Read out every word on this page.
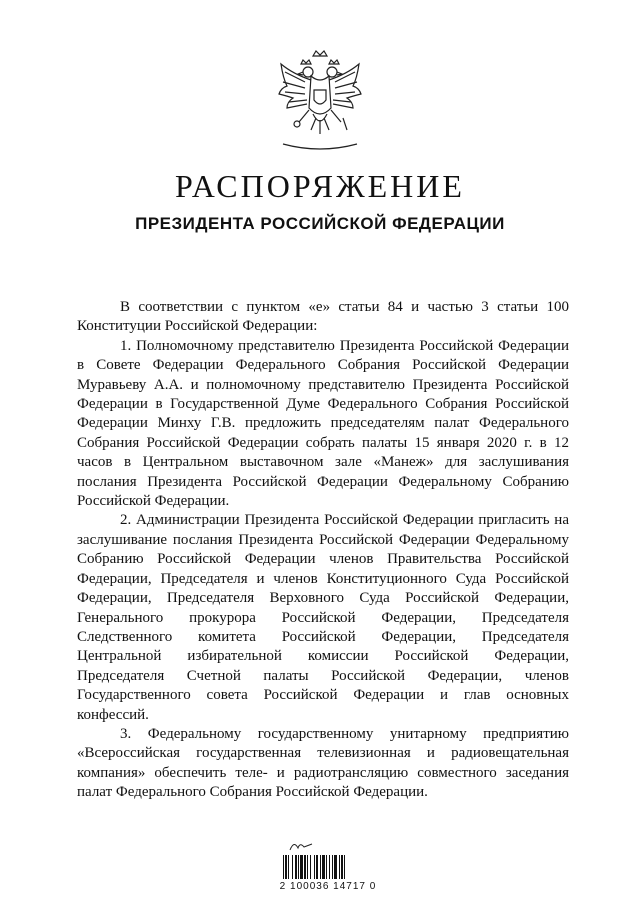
РАСПОРЯЖЕНИЕ
ПРЕЗИДЕНТА РОССИЙСКОЙ ФЕДЕРАЦИИ

В соответствии с пунктом «е» статьи 84 и частью 3 статьи 100 Конституции Российской Федерации:

1. Полномочному представителю Президента Российской Федерации в Совете Федерации Федерального Собрания Российской Федерации Муравьеву А.А. и полномочному представителю Президента Российской Федерации в Государственной Думе Федерального Собрания Российской Федерации Минху Г.В. предложить председателям палат Федерального Собрания Российской Федерации собрать палаты 15 января 2020 г. в 12 часов в Центральном выставочном зале «Манеж» для заслушивания послания Президента Российской Федерации Федеральному Собранию Российской Федерации.

2. Администрации Президента Российской Федерации пригласить на заслушивание послания Президента Российской Федерации Федеральному Собранию Российской Федерации членов Правительства Российской Федерации, Председателя и членов Конституционного Суда Российской Федерации, Председателя Верховного Суда Российской Федерации, Генерального прокурора Российской Федерации, Председателя Следственного комитета Российской Федерации, Председателя Центральной избирательной комиссии Российской Федерации, Председателя Счетной палаты Российской Федерации, членов Государственного совета Российской Федерации и глав основных конфессий.

3. Федеральному государственному унитарному предприятию «Всероссийская государственная телевизионная и радиовещательная компания» обеспечить теле- и радиотрансляцию совместного заседания палат Федерального Собрания Российской Федерации.

2 100036 14717 0
